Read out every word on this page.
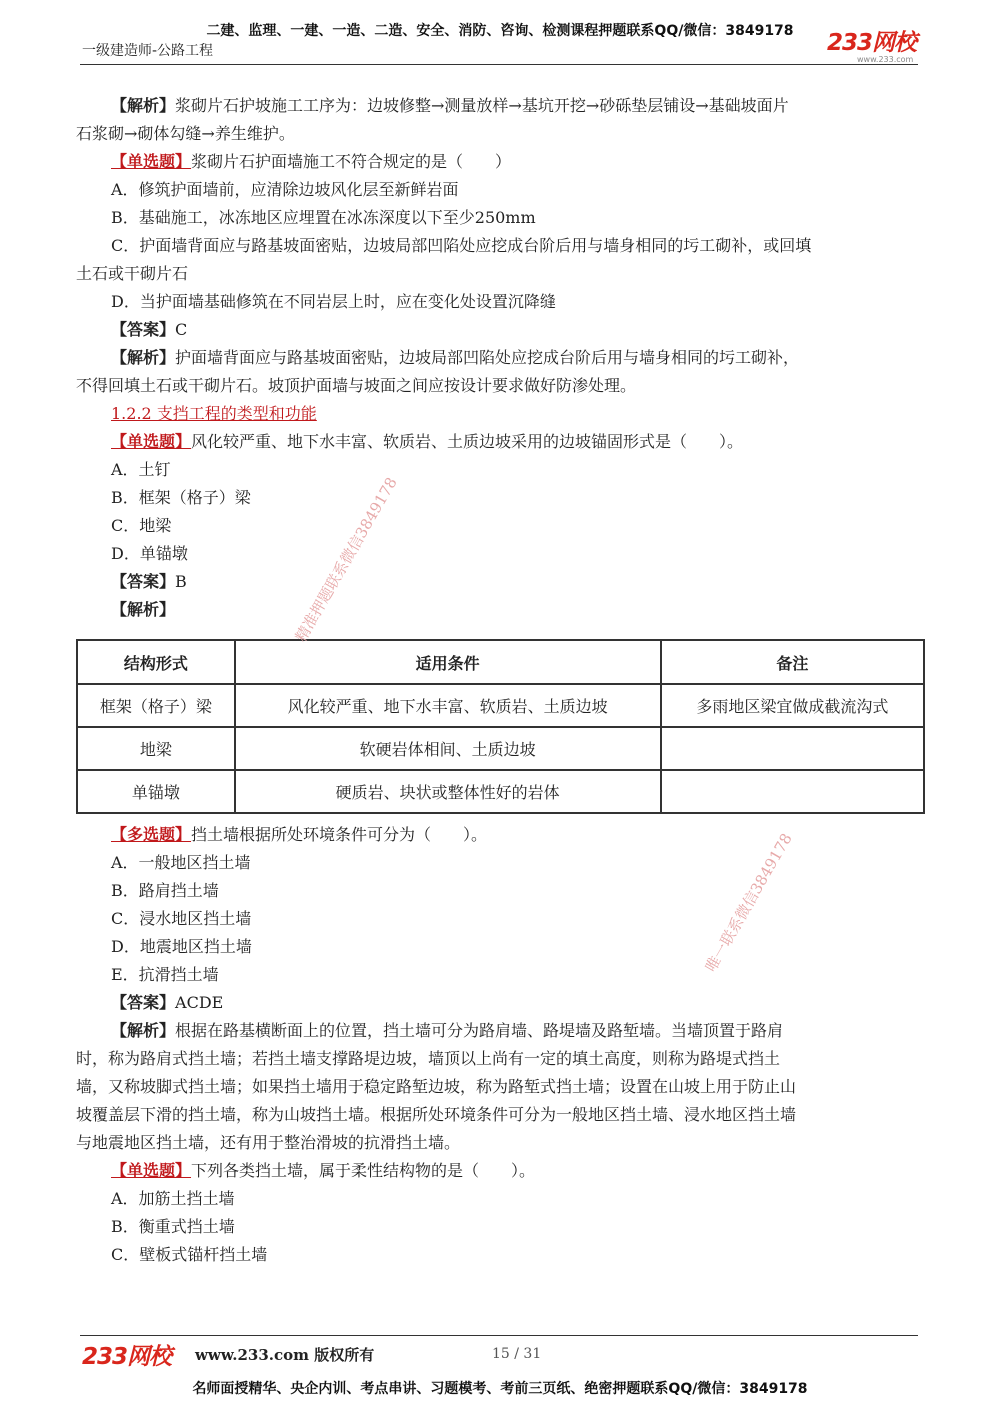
二建、监理、一建、一造、二造、安全、消防、咨询、检测课程押题联系QQ/微信：3849178
一级建造师-公路工程	233网校
www.233.com

【解析】浆砌片石护坡施工工序为：边坡修整→测量放样→基坑开挖→砂砾垫层铺设→基础坡面片

石浆砌→砌体勾缝→养生维护。

【单选题】浆砌片石护面墙施工不符合规定的是（　　）

A．修筑护面墙前，应清除边坡风化层至新鲜岩面

B．基础施工，冰冻地区应埋置在冰冻深度以下至少250mm

C．护面墙背面应与路基坡面密贴，边坡局部凹陷处应挖成台阶后用与墙身相同的圬工砌补，或回填

土石或干砌片石

D．当护面墙基础修筑在不同岩层上时，应在变化处设置沉降缝

【答案】C

【解析】护面墙背面应与路基坡面密贴，边坡局部凹陷处应挖成台阶后用与墙身相同的圬工砌补，

不得回填土石或干砌片石。坡顶护面墙与坡面之间应按设计要求做好防渗处理。

1.2.2 支挡工程的类型和功能

【单选题】风化较严重、地下水丰富、软质岩、土质边坡采用的边坡锚固形式是（　　）。

A．土钉

B．框架（格子）梁

C．地梁

D．单锚墩

【答案】B

【解析】

结构形式	适用条件	备注
框架（格子）梁	风化较严重、地下水丰富、软质岩、土质边坡	多雨地区梁宜做成截流沟式
地梁	软硬岩体相间、土质边坡	
单锚墩	硬质岩、块状或整体性好的岩体	

【多选题】挡土墙根据所处环境条件可分为（　　）。

A．一般地区挡土墙

B．路肩挡土墙

C．浸水地区挡土墙

D．地震地区挡土墙

E．抗滑挡土墙

【答案】ACDE

【解析】根据在路基横断面上的位置，挡土墙可分为路肩墙、路堤墙及路堑墙。当墙顶置于路肩

时，称为路肩式挡土墙；若挡土墙支撑路堤边坡，墙顶以上尚有一定的填土高度，则称为路堤式挡土

墙，又称坡脚式挡土墙；如果挡土墙用于稳定路堑边坡，称为路堑式挡土墙；设置在山坡上用于防止山

坡覆盖层下滑的挡土墙，称为山坡挡土墙。根据所处环境条件可分为一般地区挡土墙、浸水地区挡土墙

与地震地区挡土墙，还有用于整治滑坡的抗滑挡土墙。

【单选题】下列各类挡土墙，属于柔性结构物的是（　　）。

A．加筋土挡土墙

B．衡重式挡土墙

C．壁板式锚杆挡土墙

精准押题联系微信3849178
唯一联系微信3849178
233网校 www.233.com 版权所有	15 / 31
名师面授精华、央企内训、考点串讲、习题模考、考前三页纸、绝密押题联系QQ/微信：3849178
